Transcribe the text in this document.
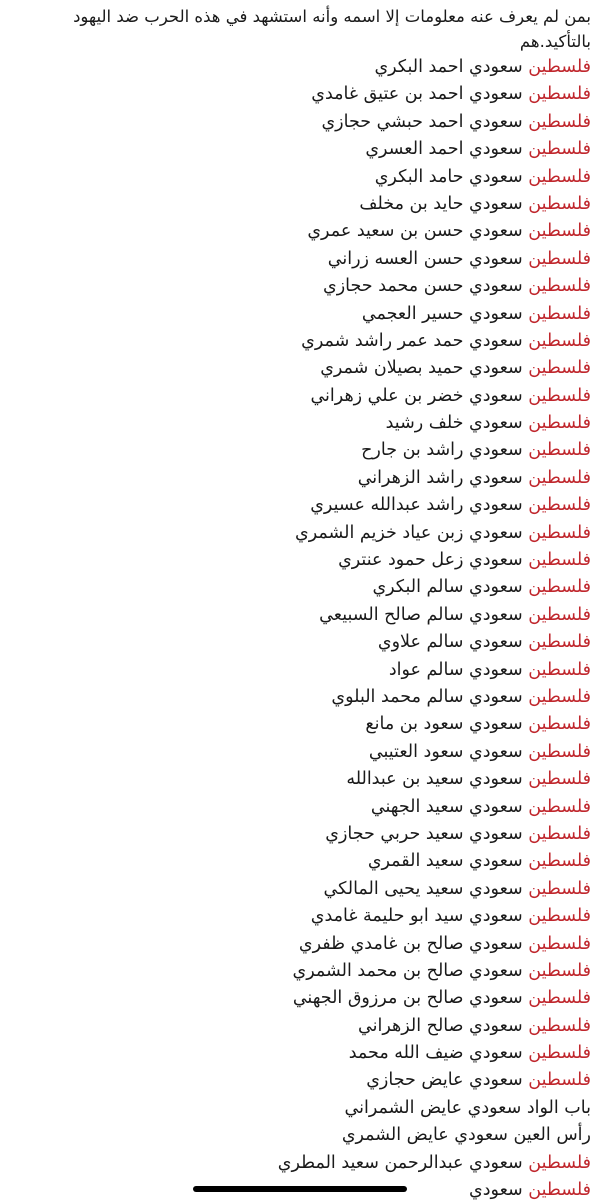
بمن لم يعرف عنه معلومات إلا اسمه وأنه استشهد في هذه الحرب ضد اليهود بالتأكيد.هم

فلسطين سعودي احمد البكري
فلسطين سعودي احمد بن عتيق غامدي
فلسطين سعودي احمد حبشي حجازي
فلسطين سعودي احمد العسري
فلسطين سعودي حامد البكري
فلسطين سعودي حايد بن مخلف
فلسطين سعودي حسن بن سعيد عمري
فلسطين سعودي حسن العسه زراني
فلسطين سعودي حسن محمد حجازي
فلسطين سعودي حسير العجمي
فلسطين سعودي حمد عمر راشد شمري
فلسطين سعودي حميد بصيلان شمري
فلسطين سعودي خضر بن علي زهراني
فلسطين سعودي خلف رشيد
فلسطين سعودي راشد بن جارح
فلسطين سعودي راشد الزهراني
فلسطين سعودي راشد عبدالله عسيري
فلسطين سعودي زبن عياد خزيم الشمري
فلسطين سعودي زعل حمود عنتري
فلسطين سعودي سالم البكري
فلسطين سعودي سالم صالح السبيعي
فلسطين سعودي سالم علاوي
فلسطين سعودي سالم عواد
فلسطين سعودي سالم محمد البلوي
فلسطين سعودي سعود بن مانع
فلسطين سعودي سعود العتيبي
فلسطين سعودي سعيد بن عبدالله
فلسطين سعودي سعيد الجهني
فلسطين سعودي سعيد حربي حجازي
فلسطين سعودي سعيد القمري
فلسطين سعودي سعيد يحيى المالكي
فلسطين سعودي سيد ابو حليمة غامدي
فلسطين سعودي صالح بن غامدي ظفري
فلسطين سعودي صالح بن محمد الشمري
فلسطين سعودي صالح بن مرزوق الجهني
فلسطين سعودي صالح الزهراني
فلسطين سعودي ضيف الله محمد
فلسطين سعودي عايض حجازي
باب الواد سعودي عايض الشمراني
رأس العين سعودي عايض الشمري
فلسطين سعودي عبدالرحمن سعيد المطري
فلسطين سعودي
